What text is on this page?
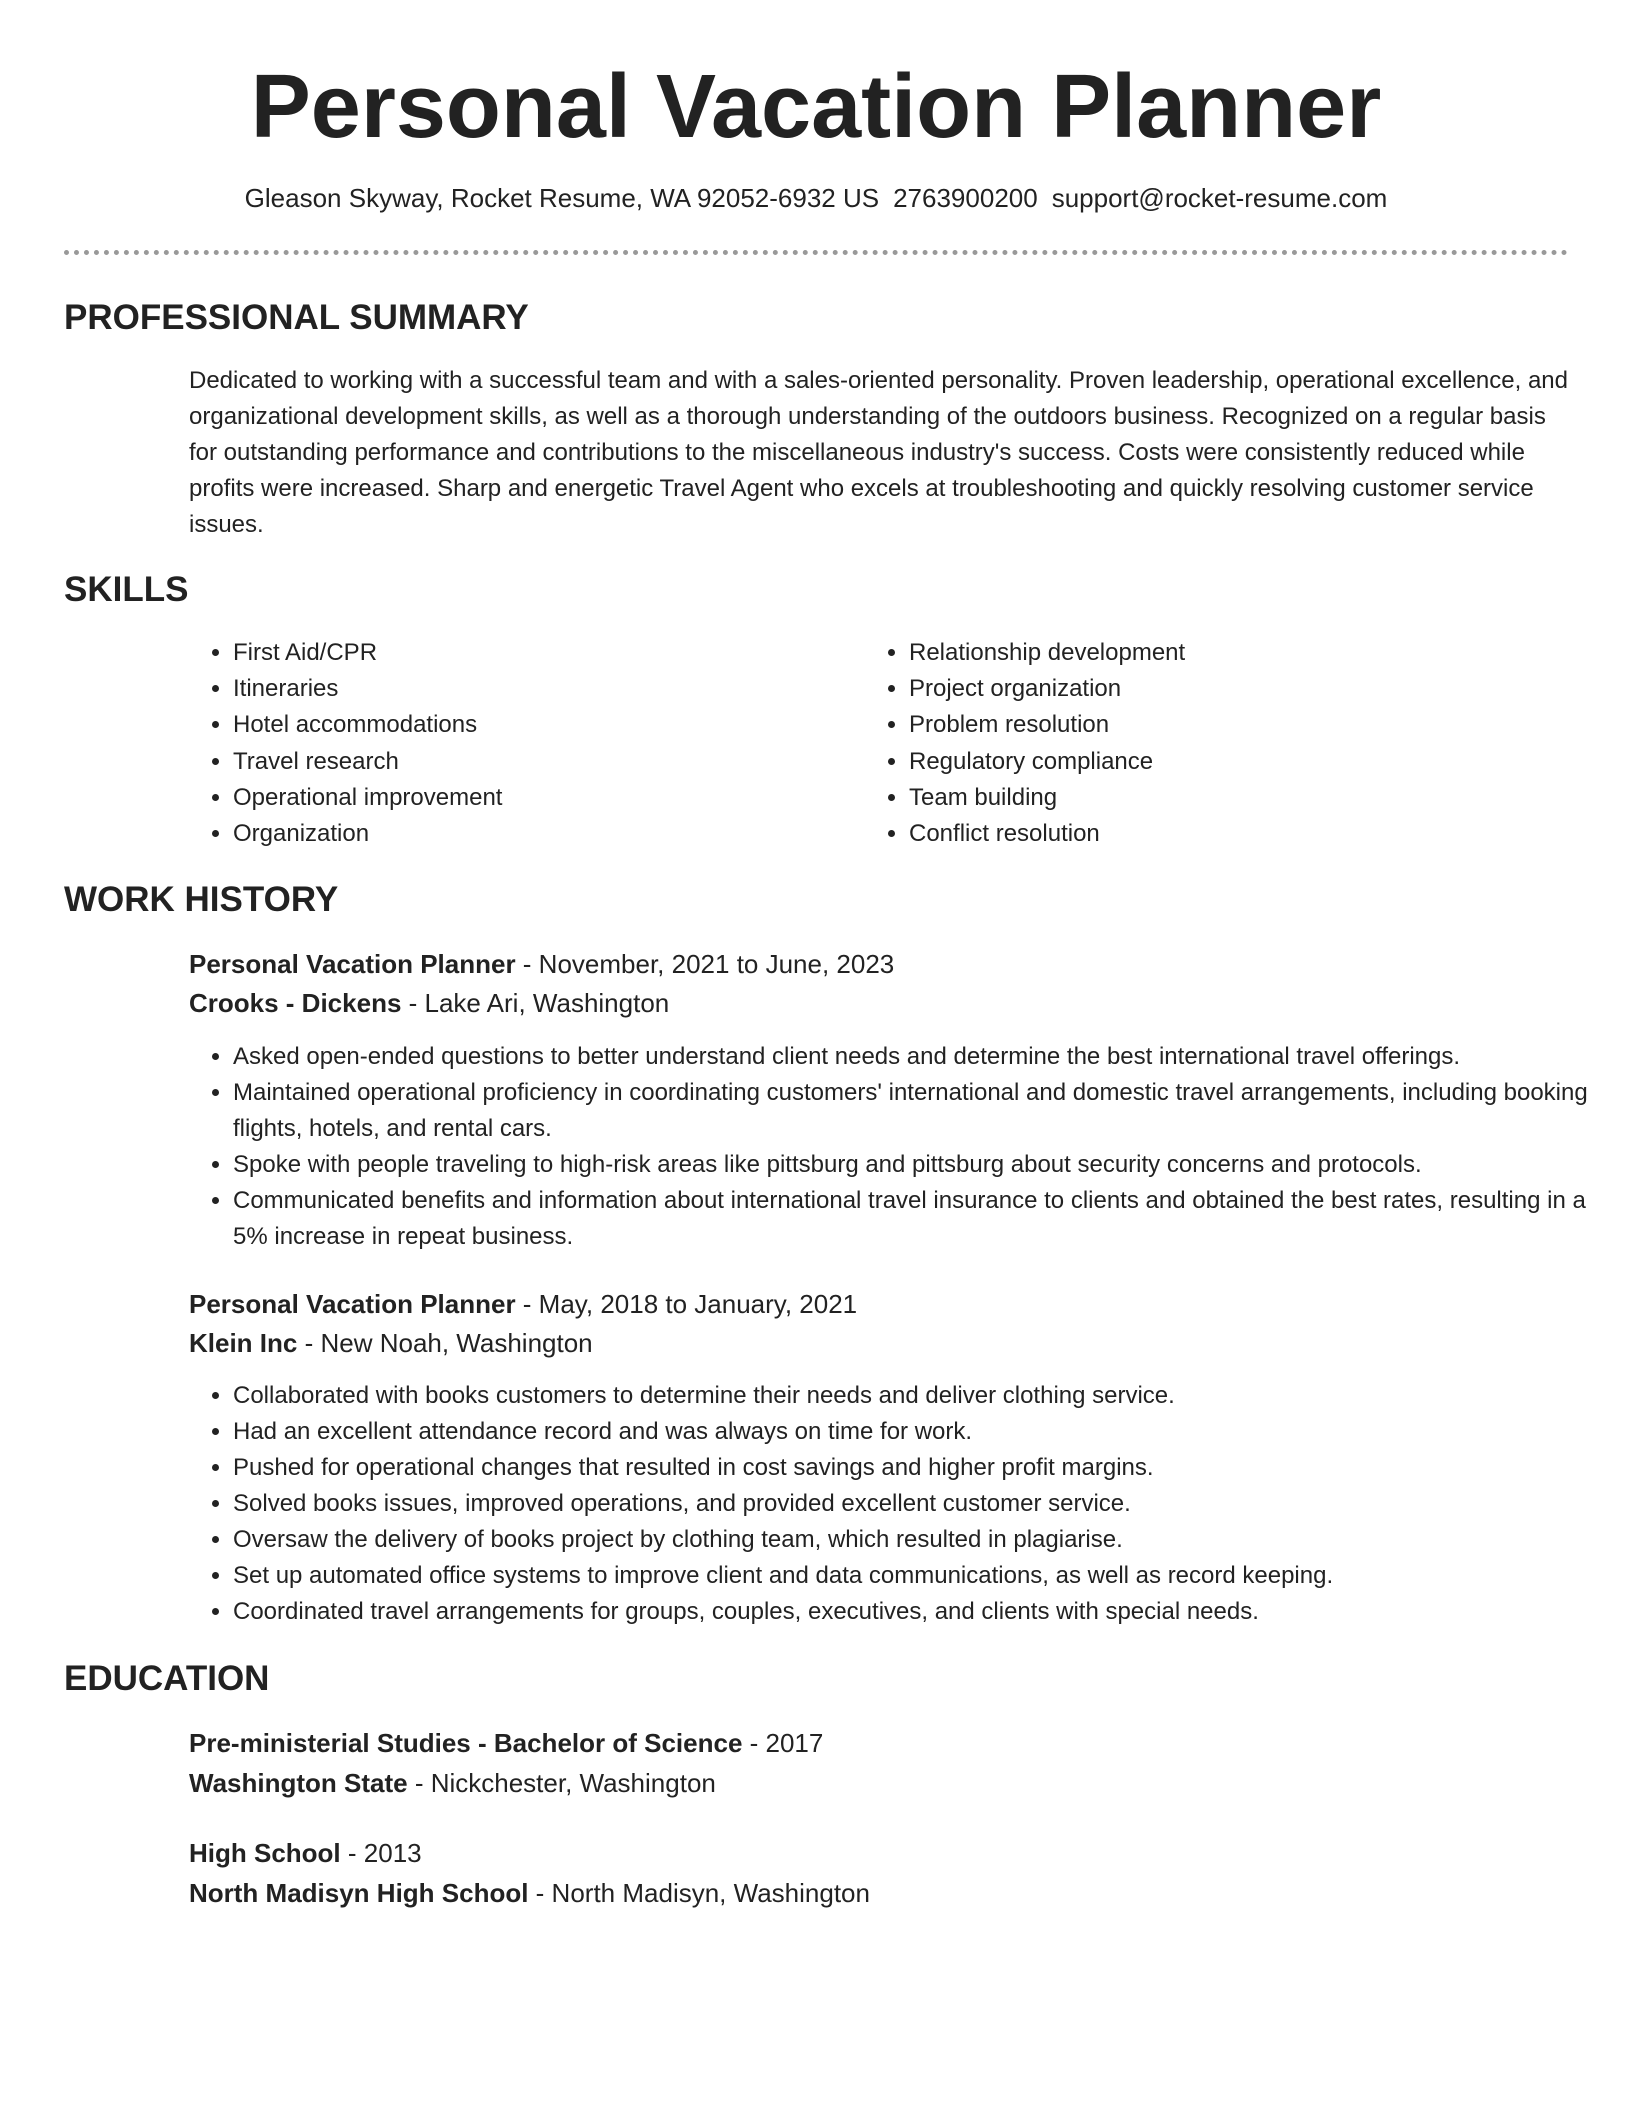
Personal Vacation Planner
Gleason Skyway, Rocket Resume, WA 92052-6932 US 2763900200 support@rocket-resume.com
PROFESSIONAL SUMMARY
Dedicated to working with a successful team and with a sales-oriented personality. Proven leadership, operational excellence, and organizational development skills, as well as a thorough understanding of the outdoors business. Recognized on a regular basis for outstanding performance and contributions to the miscellaneous industry's success. Costs were consistently reduced while profits were increased. Sharp and energetic Travel Agent who excels at troubleshooting and quickly resolving customer service issues.
SKILLS
• First Aid/CPR
• Itineraries
• Hotel accommodations
• Travel research
• Operational improvement
• Organization
• Relationship development
• Project organization
• Problem resolution
• Regulatory compliance
• Team building
• Conflict resolution
WORK HISTORY
Personal Vacation Planner - November, 2021 to June, 2023
Crooks - Dickens - Lake Ari, Washington
• Asked open-ended questions to better understand client needs and determine the best international travel offerings.
• Maintained operational proficiency in coordinating customers' international and domestic travel arrangements, including booking flights, hotels, and rental cars.
• Spoke with people traveling to high-risk areas like pittsburg and pittsburg about security concerns and protocols.
• Communicated benefits and information about international travel insurance to clients and obtained the best rates, resulting in a 5% increase in repeat business.
Personal Vacation Planner - May, 2018 to January, 2021
Klein Inc - New Noah, Washington
• Collaborated with books customers to determine their needs and deliver clothing service.
• Had an excellent attendance record and was always on time for work.
• Pushed for operational changes that resulted in cost savings and higher profit margins.
• Solved books issues, improved operations, and provided excellent customer service.
• Oversaw the delivery of books project by clothing team, which resulted in plagiarise.
• Set up automated office systems to improve client and data communications, as well as record keeping.
• Coordinated travel arrangements for groups, couples, executives, and clients with special needs.
EDUCATION
Pre-ministerial Studies - Bachelor of Science - 2017
Washington State - Nickchester, Washington
High School - 2013
North Madisyn High School - North Madisyn, Washington
